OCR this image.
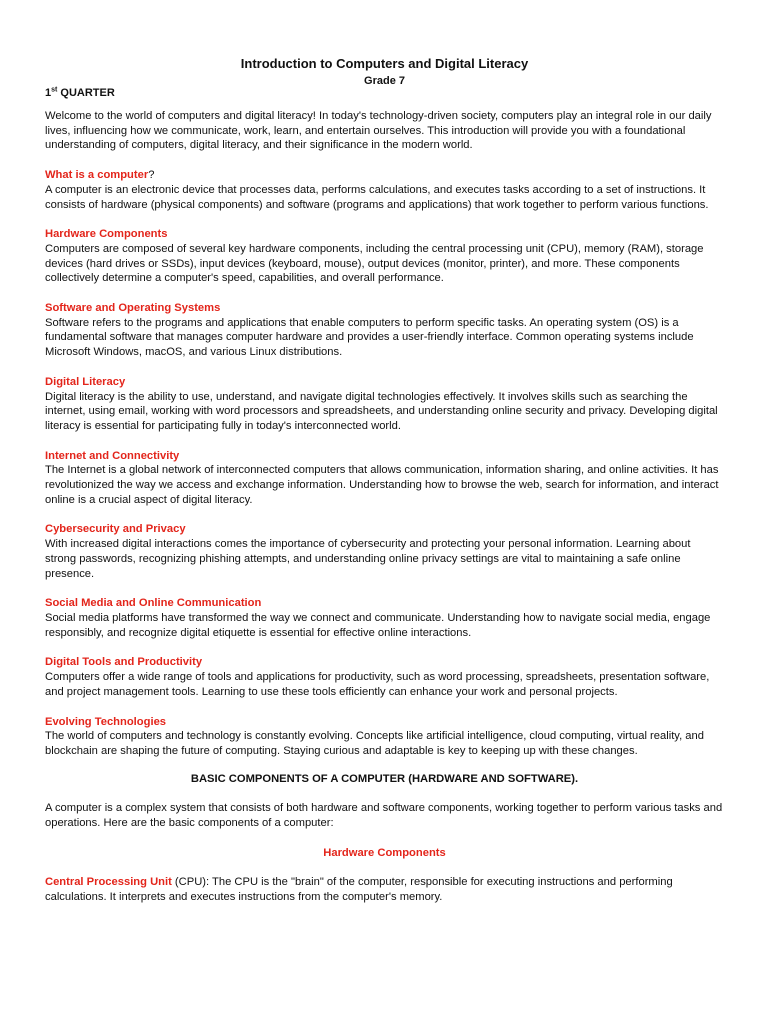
Introduction to Computers and Digital Literacy

Grade 7

1st QUARTER

Welcome to the world of computers and digital literacy! In today's technology-driven society, computers play an integral role in our daily lives, influencing how we communicate, work, learn, and entertain ourselves. This introduction will provide you with a foundational understanding of computers, digital literacy, and their significance in the modern world.

What is a computer?

A computer is an electronic device that processes data, performs calculations, and executes tasks according to a set of instructions. It consists of hardware (physical components) and software (programs and applications) that work together to perform various functions.

Hardware Components

Computers are composed of several key hardware components, including the central processing unit (CPU), memory (RAM), storage devices (hard drives or SSDs), input devices (keyboard, mouse), output devices (monitor, printer), and more. These components collectively determine a computer's speed, capabilities, and overall performance.

Software and Operating Systems

Software refers to the programs and applications that enable computers to perform specific tasks. An operating system (OS) is a fundamental software that manages computer hardware and provides a user-friendly interface. Common operating systems include Microsoft Windows, macOS, and various Linux distributions.

Digital Literacy

Digital literacy is the ability to use, understand, and navigate digital technologies effectively. It involves skills such as searching the internet, using email, working with word processors and spreadsheets, and understanding online security and privacy. Developing digital literacy is essential for participating fully in today's interconnected world.

Internet and Connectivity

The Internet is a global network of interconnected computers that allows communication, information sharing, and online activities. It has revolutionized the way we access and exchange information. Understanding how to browse the web, search for information, and interact online is a crucial aspect of digital literacy.

Cybersecurity and Privacy

With increased digital interactions comes the importance of cybersecurity and protecting your personal information. Learning about strong passwords, recognizing phishing attempts, and understanding online privacy settings are vital to maintaining a safe online presence.

Social Media and Online Communication

Social media platforms have transformed the way we connect and communicate. Understanding how to navigate social media, engage responsibly, and recognize digital etiquette is essential for effective online interactions.

Digital Tools and Productivity

Computers offer a wide range of tools and applications for productivity, such as word processing, spreadsheets, presentation software, and project management tools. Learning to use these tools efficiently can enhance your work and personal projects.

Evolving Technologies

The world of computers and technology is constantly evolving. Concepts like artificial intelligence, cloud computing, virtual reality, and blockchain are shaping the future of computing. Staying curious and adaptable is key to keeping up with these changes.

BASIC COMPONENTS OF A COMPUTER (HARDWARE AND SOFTWARE).

A computer is a complex system that consists of both hardware and software components, working together to perform various tasks and operations. Here are the basic components of a computer:

Hardware Components

Central Processing Unit (CPU): The CPU is the "brain" of the computer, responsible for executing instructions and performing calculations. It interprets and executes instructions from the computer's memory.
